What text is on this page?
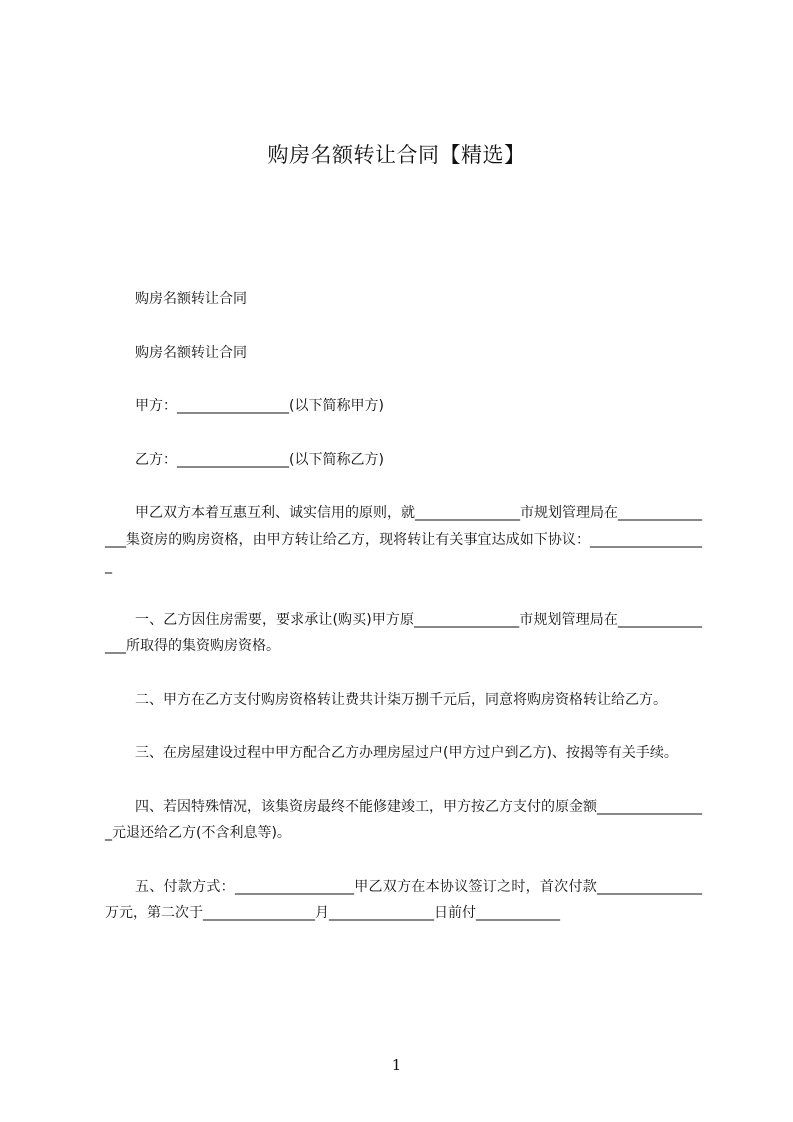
购房名额转让合同【精选】

购房名额转让合同

购房名额转让合同

甲方：________________(以下简称甲方)

乙方：________________(以下简称乙方)

甲乙双方本着互惠互利、诚实信用的原则，就_______________市规划管理局在_______________集资房的购房资格，由甲方转让给乙方，现将转让有关事宜达成如下协议：_________________

一、乙方因住房需要，要求承让(购买)甲方原_______________市规划管理局在_______________所取得的集资购房资格。

二、甲方在乙方支付购房资格转让费共计柒万捌千元后，同意将购房资格转让给乙方。

三、在房屋建设过程中甲方配合乙方办理房屋过户(甲方过户到乙方)、按揭等有关手续。

四、若因特殊情况，该集资房最终不能修建竣工，甲方按乙方支付的原金额________________元退还给乙方(不含利息等)。

五、付款方式：_________________甲乙双方在本协议签订之时，首次付款_______________万元，第二次于________________月_______________日前付____________

1
